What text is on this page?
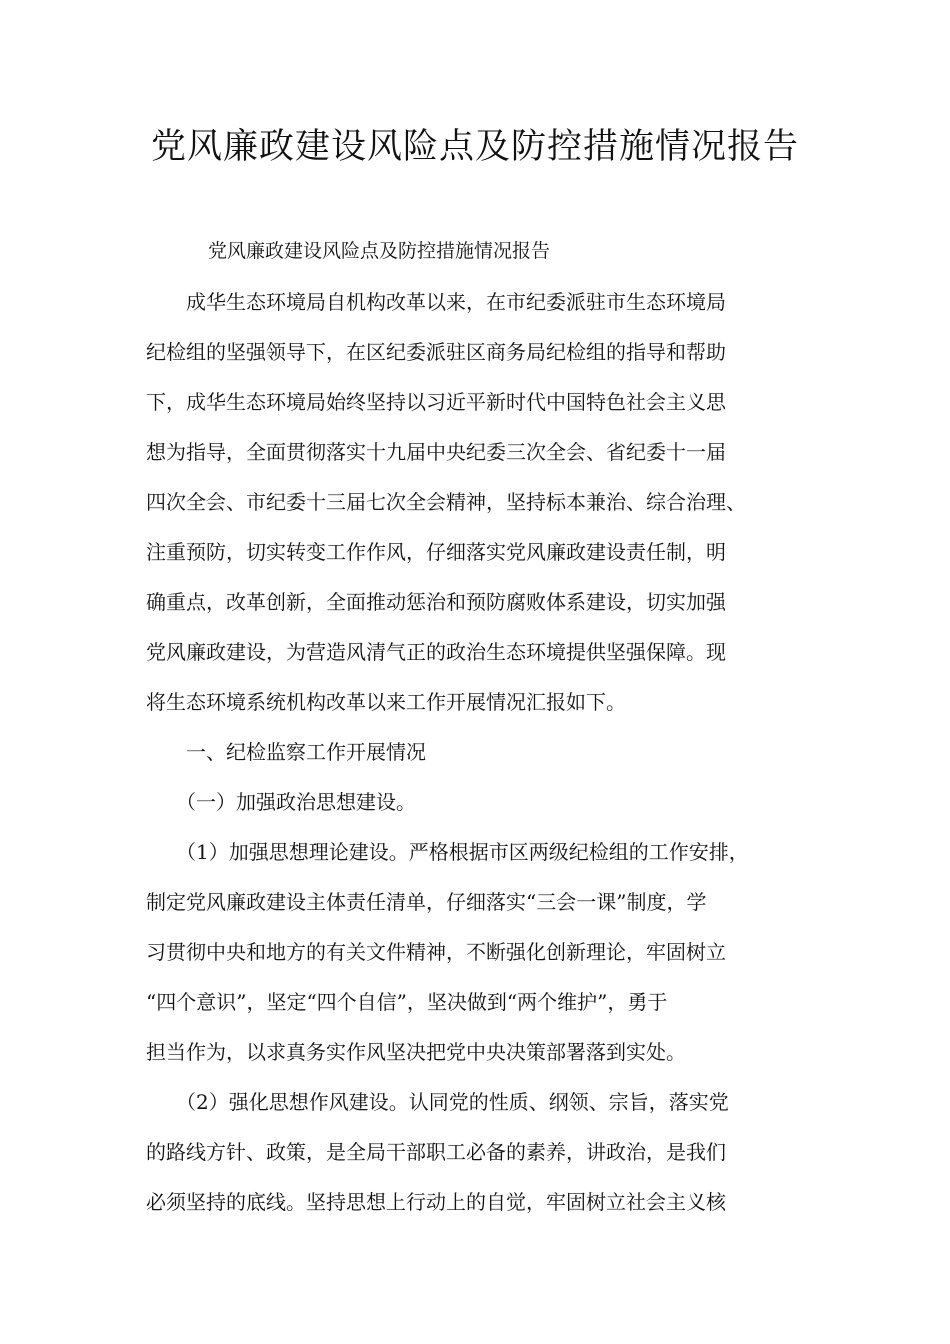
党风廉政建设风险点及防控措施情况报告

党风廉政建设风险点及防控措施情况报告

　　成华生态环境局自机构改革以来，在市纪委派驻市生态环境局
纪检组的坚强领导下，在区纪委派驻区商务局纪检组的指导和帮助
下，成华生态环境局始终坚持以习近平新时代中国特色社会主义思
想为指导，全面贯彻落实十九届中央纪委三次全会、省纪委十一届
四次全会、市纪委十三届七次全会精神，坚持标本兼治、综合治理、
注重预防，切实转变工作作风，仔细落实党风廉政建设责任制，明
确重点，改革创新，全面推动惩治和预防腐败体系建设，切实加强
党风廉政建设，为营造风清气正的政治生态环境提供坚强保障。现
将生态环境系统机构改革以来工作开展情况汇报如下。
　　一、纪检监察工作开展情况
　　（一）加强政治思想建设。
　　（1）加强思想理论建设。严格根据市区两级纪检组的工作安排，
制定党风廉政建设主体责任清单，仔细落实“三会一课”制度，学
习贯彻中央和地方的有关文件精神，不断强化创新理论，牢固树立
“四个意识”，坚定“四个自信”，坚决做到“两个维护”，勇于
担当作为，以求真务实作风坚决把党中央决策部署落到实处。
　　（2）强化思想作风建设。认同党的性质、纲领、宗旨，落实党
的路线方针、政策，是全局干部职工必备的素养，讲政治，是我们
必须坚持的底线。坚持思想上行动上的自觉，牢固树立社会主义核
